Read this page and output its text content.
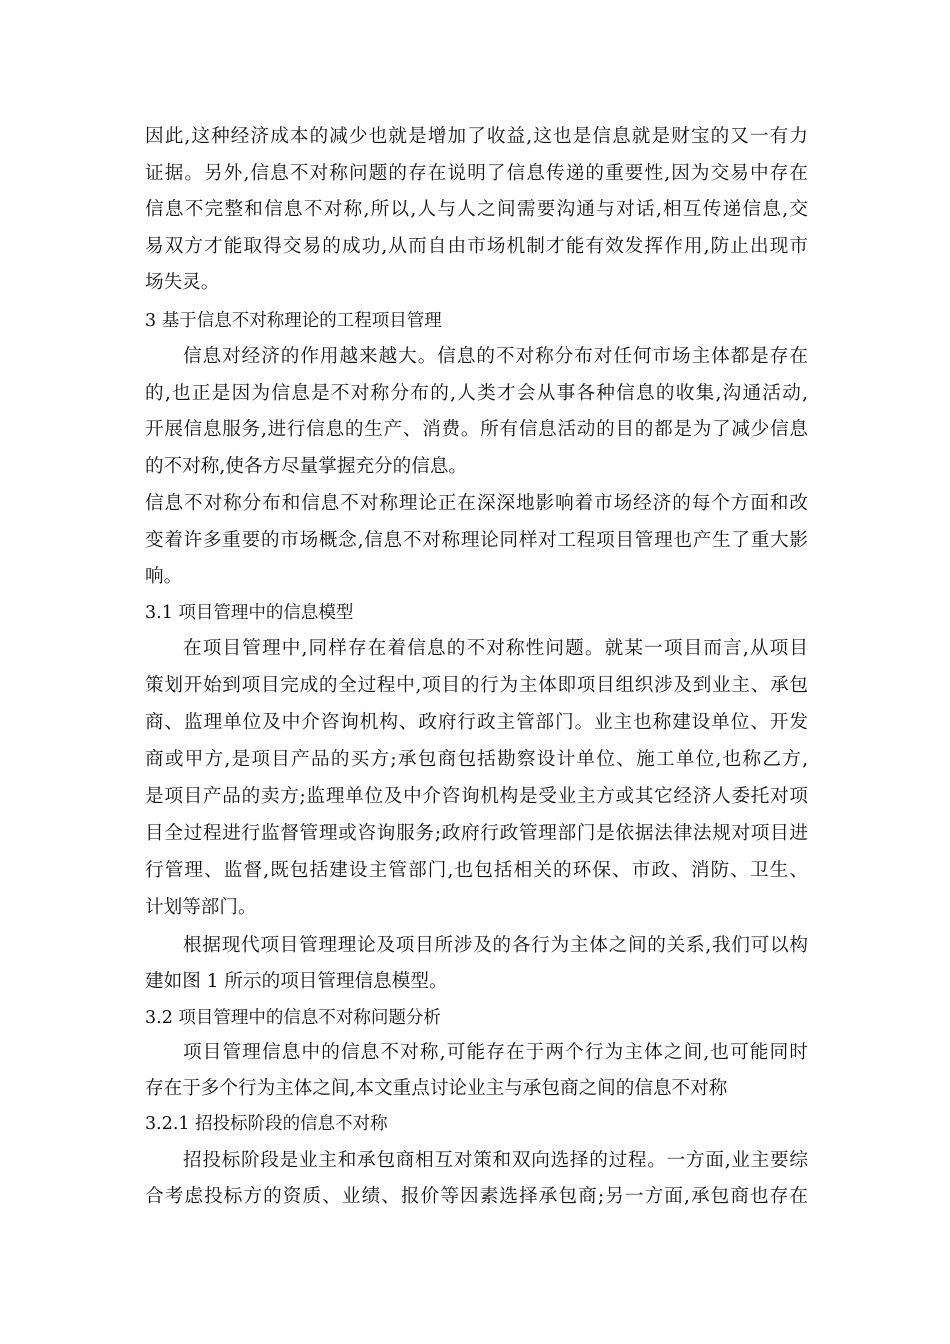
因此,这种经济成本的减少也就是增加了收益,这也是信息就是财宝的又一有力
证据。另外,信息不对称问题的存在说明了信息传递的重要性,因为交易中存在
信息不完整和信息不对称,所以,人与人之间需要沟通与对话,相互传递信息,交
易双方才能取得交易的成功,从而自由市场机制才能有效发挥作用,防止出现市
场失灵。
3 基于信息不对称理论的工程项目管理
信息对经济的作用越来越大。信息的不对称分布对任何市场主体都是存在
的,也正是因为信息是不对称分布的,人类才会从事各种信息的收集,沟通活动,
开展信息服务,进行信息的生产、消费。所有信息活动的目的都是为了减少信息
的不对称,使各方尽量掌握充分的信息。
信息不对称分布和信息不对称理论正在深深地影响着市场经济的每个方面和改
变着许多重要的市场概念,信息不对称理论同样对工程项目管理也产生了重大影
响。
3.1 项目管理中的信息模型
在项目管理中,同样存在着信息的不对称性问题。就某一项目而言,从项目
策划开始到项目完成的全过程中,项目的行为主体即项目组织涉及到业主、承包
商、监理单位及中介咨询机构、政府行政主管部门。业主也称建设单位、开发
商或甲方,是项目产品的买方;承包商包括勘察设计单位、施工单位,也称乙方,
是项目产品的卖方;监理单位及中介咨询机构是受业主方或其它经济人委托对项
目全过程进行监督管理或咨询服务;政府行政管理部门是依据法律法规对项目进
行管理、监督,既包括建设主管部门,也包括相关的环保、市政、消防、卫生、
计划等部门。
根据现代项目管理理论及项目所涉及的各行为主体之间的关系,我们可以构
建如图 1 所示的项目管理信息模型。
3.2 项目管理中的信息不对称问题分析
项目管理信息中的信息不对称,可能存在于两个行为主体之间,也可能同时
存在于多个行为主体之间,本文重点讨论业主与承包商之间的信息不对称
3.2.1 招投标阶段的信息不对称
招投标阶段是业主和承包商相互对策和双向选择的过程。一方面,业主要综
合考虑投标方的资质、业绩、报价等因素选择承包商;另一方面,承包商也存在
